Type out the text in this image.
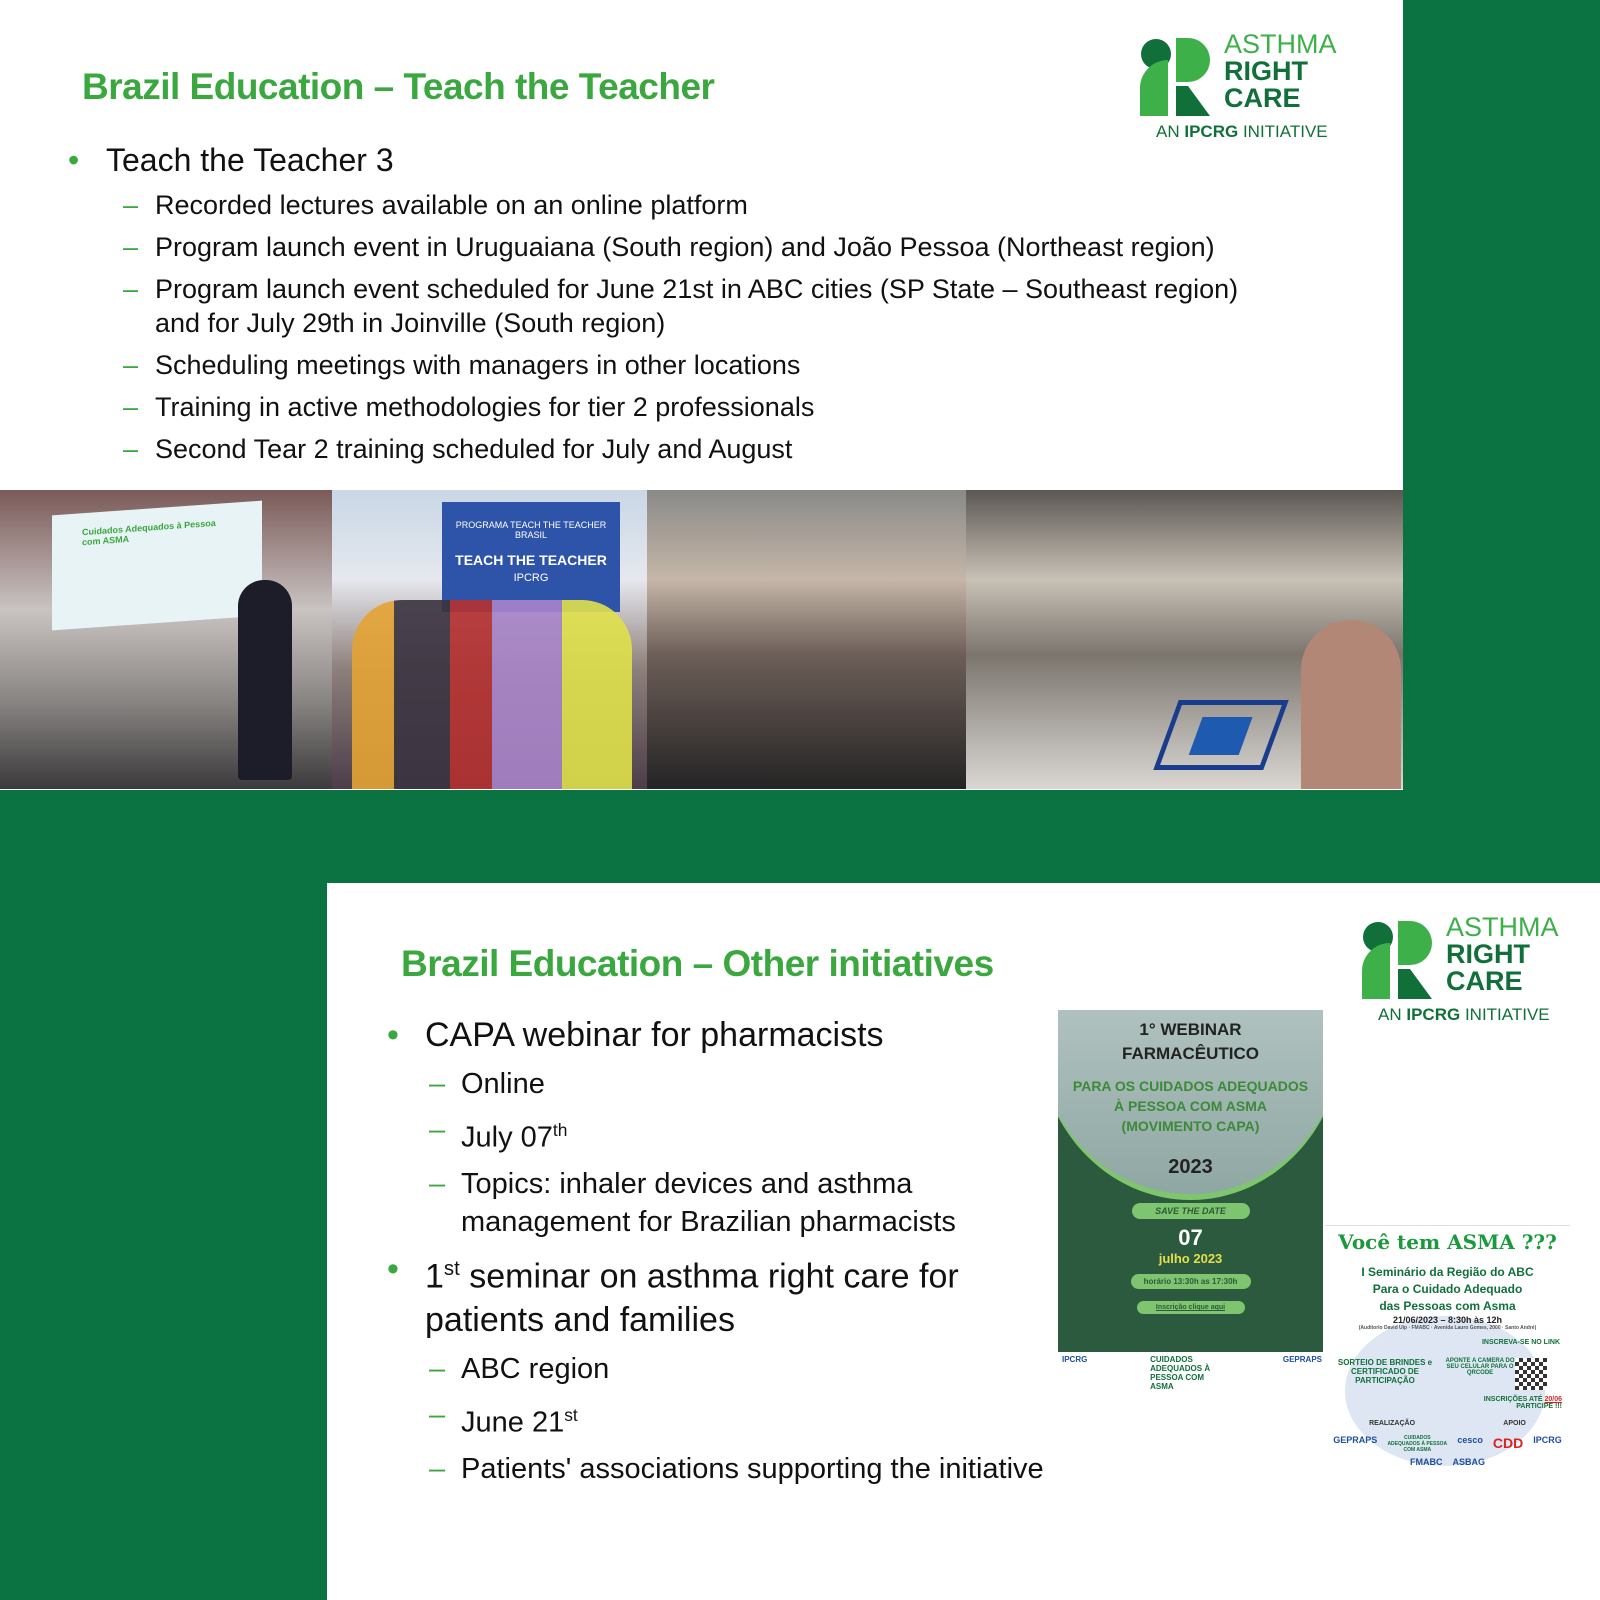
Brazil Education – Teach the Teacher
ASTHMA
RIGHT
CARE
AN IPCRG INITIATIVE
• Teach the Teacher 3
– Recorded lectures available on an online platform
– Program launch event in Uruguaiana (South region) and João Pessoa (Northeast region)
– Program launch event scheduled for June 21st in ABC cities (SP State – Southeast region) and for July 29th in Joinville (South region)
– Scheduling meetings with managers in other locations
– Training in active methodologies for tier 2 professionals
– Second Tear 2 training scheduled for July and August
Cuidados Adequados à Pessoa com ASMA
PROGRAMA TEACH THE TEACHER BRASIL
TEACH THE TEACHER
IPCRG
Brazil Education – Other initiatives
ASTHMA
RIGHT
CARE
AN IPCRG INITIATIVE
• CAPA webinar for pharmacists
– Online
– July 07th
– Topics: inhaler devices and asthma management for Brazilian pharmacists
• 1st seminar on asthma right care for patients and families
– ABC region
– June 21st
– Patients' associations supporting the initiative
1° WEBINAR
FARMACÊUTICO
PARA OS CUIDADOS ADEQUADOS À PESSOA COM ASMA (MOVIMENTO CAPA)
2023
SAVE THE DATE
07
julho 2023
horário 13:30h as 17:30h
Inscrição clique aqui
IPCRG	CUIDADOS ADEQUADOS À PESSOA COM ASMA
GEPRAPS
Você tem ASMA ???
I Seminário da Região do ABC
Para o Cuidado Adequado
das Pessoas com Asma
21/06/2023 – 8:30h às 12h
(Auditorio David Uip · FMABC · Avenida Lauro Gomes, 2000 · Santo André)
INSCREVA-SE NO LINK
SORTEIO DE BRINDES e CERTIFICADO DE PARTICIPAÇÃO
APONTE A CAMERA DO SEU CELULAR PARA O QRCODE
INSCRIÇÕES ATÉ 20/06
PARTICIPE !!!
REALIZAÇÃO	APOIO
GEPRAPS	CUIDADOS ADEQUADOS À PESSOA COM ASMA
cesco CDD IPCRG
FMABC ASBAG
